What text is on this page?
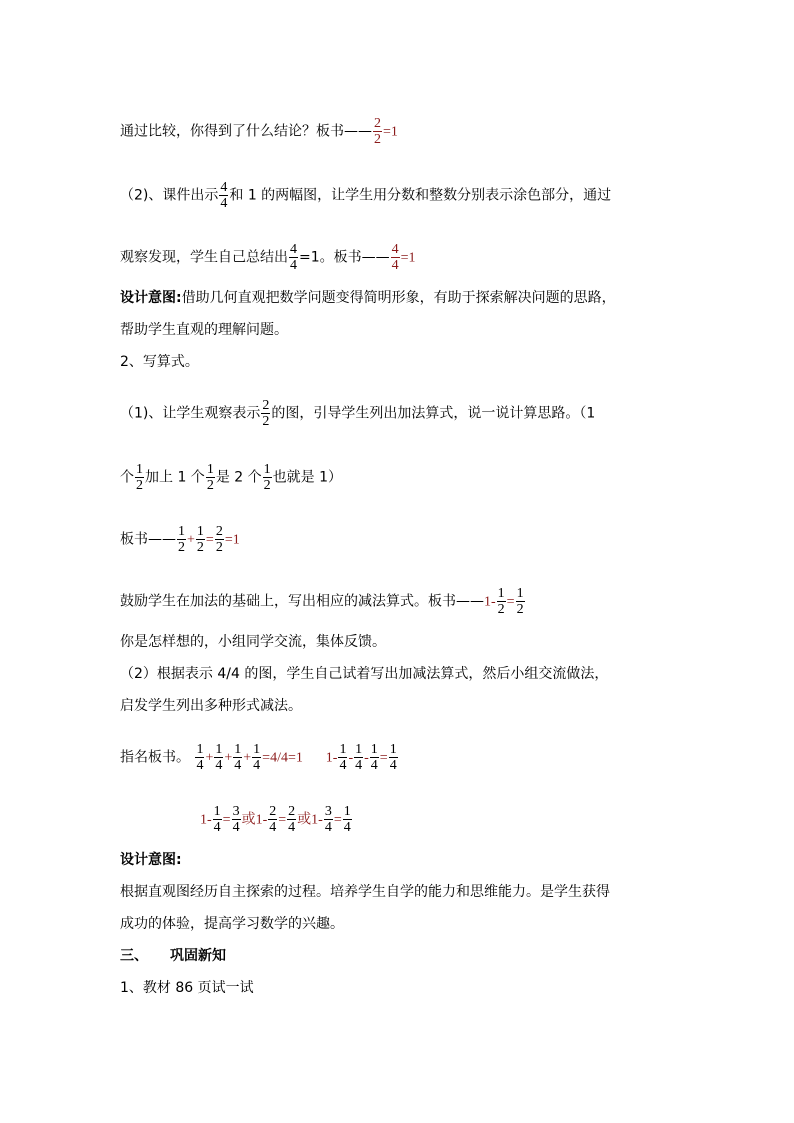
通过比较，你得到了什么结论？板书—— $\frac{2}{2} =1$
（2)、课件出示 $\frac{4}{4}$ 和 1 的两幅图，让学生用分数和整数分别表示涂色部分，通过
观察发现，学生自己总结出 $\frac{4}{4} =1$。板书—— $\frac{4}{4} =1$
设计意图:借助几何直观把数学问题变得简明形象，有助于探索解决问题的思路，
帮助学生直观的理解问题。
2、写算式。
（1)、让学生观察表示 $\frac{2}{2}$ 的图，引导学生列出加法算式，说一说计算思路。（1
个 $\frac{1}{2}$ 加上 1 个 $\frac{1}{2}$ 是 2 个 $\frac{1}{2}$ 也就是 1）
板书—— $\frac{1}{2} + \frac{1}{2} = \frac{2}{2} =1$
鼓励学生在加法的基础上，写出相应的减法算式。板书——1- $\frac{1}{2} = \frac{1}{2}$
你是怎样想的，小组同学交流，集体反馈。
（2）根据表示 4/4 的图，学生自己试着写出加减法算式，然后小组交流做法，
启发学生列出多种形式减法。
指名板书。 $\frac{1}{4} + \frac{1}{4} + \frac{1}{4} + \frac{1}{4} =4/4=1$ $1- \frac{1}{4} - \frac{1}{4} - \frac{1}{4} = \frac{1}{4}$
$1- \frac{1}{4} = \frac{3}{4}$ 或$1- \frac{2}{4} = \frac{2}{4}$ 或$1- \frac{3}{4} = \frac{1}{4}$
设计意图:
根据直观图经历自主探索的过程。培养学生自学的能力和思维能力。是学生获得
成功的体验，提高学习数学的兴趣。
三、 巩固新知
1、教材 86 页试一试
